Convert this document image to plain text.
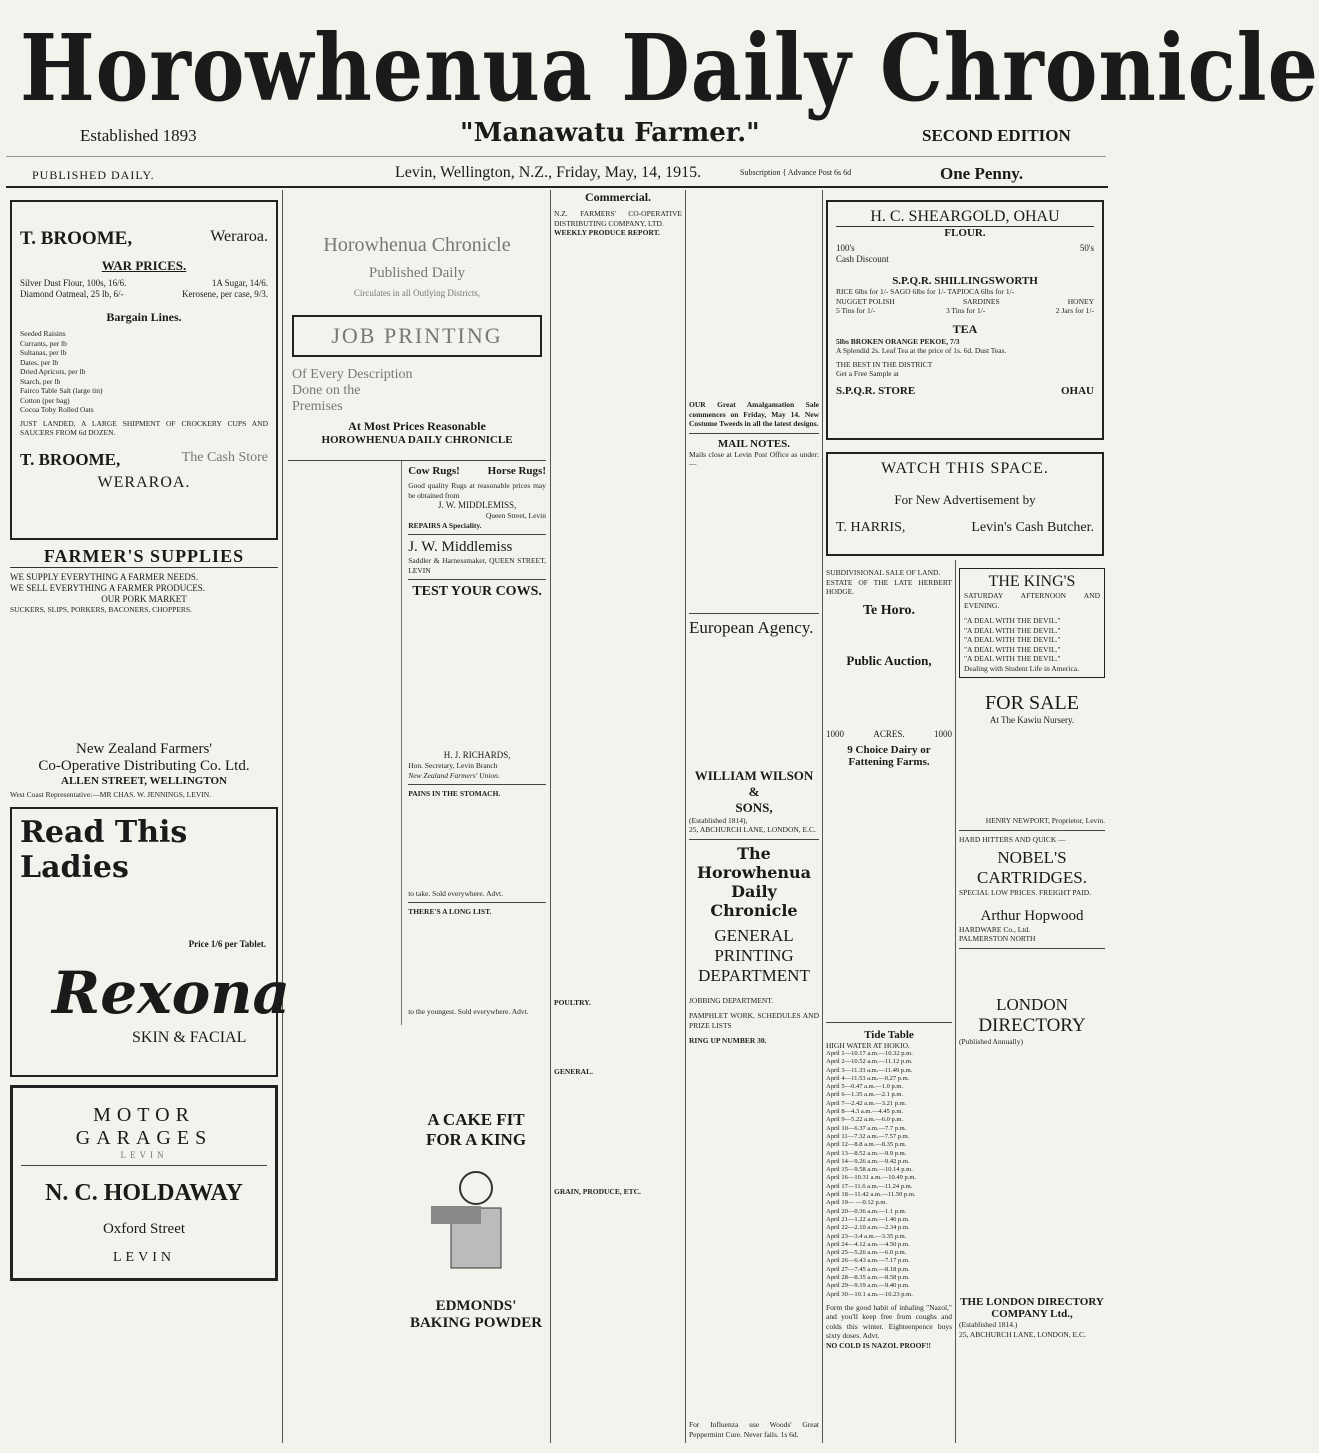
Horowhenua Daily Chronicle
Established 1893	"Manawatu Farmer."	SECOND EDITION
PUBLISHED DAILY.	Levin, Wellington, N.Z., Friday, May, 14, 1915.	Subscription { Advance Post 6s 6d	One Penny.
T. BROOME,	Weraroa.
WAR PRICES.
Silver Dust Flour, 100s, 16/6.	1A Sugar, 14/6.
Diamond Oatmeal, 25 lb, 6/-	Kerosene, per case, 9/3.
Bargain Lines.
Seeded Raisins
Currants, per lb
Sultanas, per lb
Dates, per lb
Dried Apricots, per lb
Starch, per lb
Fairco Table Salt (large tin)
Cotton (per bag)
Cocoa Toby Rolled Oats
JUST LANDED, A LARGE SHIPMENT OF CROCKERY CUPS AND SAUCERS FROM 6d DOZEN.
T. BROOME,	The Cash Store
WERAROA.
FARMER'S SUPPLIES
WE SUPPLY EVERYTHING A FARMER NEEDS.
WE SELL EVERYTHING A FARMER PRODUCES.
OUR PORK MARKET
SUCKERS, SLIPS, PORKERS, BACONERS, CHOPPERS.

New Zealand Farmers'
Co-Operative Distributing Co. Ltd.
ALLEN STREET, WELLINGTON
West Coast Representative:—MR CHAS. W. JENNINGS, LEVIN.
Read This Ladies
Price 1/6 per Tablet.
Rexona
SKIN & FACIAL
MOTOR GARAGES
LEVIN
N. C. HOLDAWAY
Oxford Street
LEVIN
Horowhenua Chronicle
Published Daily
Circulates in all Outlying Districts,
JOB PRINTING
Of Every Description
Done on the
Premises
At Most Prices Reasonable
HOROWHENUA DAILY CHRONICLE

Cow Rugs!	Horse Rugs!
Good quality Rugs at reasonable prices may be obtained from
J. W. MIDDLEMISS,
Queen Street, Levin
REPAIRS A Speciality.
J. W. Middlemiss
Saddler & Harnessmaker, QUEEN STREET, LEVIN
TEST YOUR COWS.

H. J. RICHARDS,
Hon. Secretary, Levin Branch
New Zealand Farmers' Union.
PAINS IN THE STOMACH.

to take. Sold everywhere. Advt.
THERE'S A LONG LIST.

to the youngest. Sold everywhere. Advt.
A CAKE FIT FOR A KING
EDMONDS' BAKING POWDER
Commercial.
N.Z. FARMERS' CO-OPERATIVE DISTRIBUTING COMPANY, LTD.
WEEKLY PRODUCE REPORT.

POULTRY.

GENERAL.

GRAIN, PRODUCE, ETC.

OUR Great Amalgamation Sale commences on Friday, May 14. New Costume Tweeds in all the latest designs.
MAIL NOTES.
Mails close at Levin Post Office as under:—

European Agency.

WILLIAM WILSON &
SONS,
(Established 1814),
25, ABCHURCH LANE, LONDON, E.C.
The Horowhenua Daily Chronicle
GENERAL PRINTING DEPARTMENT
JOBBING DEPARTMENT.
PAMPHLET WORK, SCHEDULES AND PRIZE LISTS
RING UP NUMBER 30.
For Influenza use Woods' Great Peppermint Cure. Never fails. 1s 6d.
H. C. SHEARGOLD, OHAU
FLOUR.
100's	50's
Cash Discount
S.P.Q.R. SHILLINGSWORTH
RICE 6lbs for 1/- SAGO 6lbs for 1/- TAPIOCA 6lbs for 1/-
NUGGET POLISH	SARDINES	HONEY
5 Tins for 1/-	3 Tins for 1/-	2 Jars for 1/-
TEA
5lbs BROKEN ORANGE PEKOE, 7/3
A Splendid 2s. Leaf Tea at the price of 1s. 6d. Dust Teas.
THE BEST IN THE DISTRICT
Get a Free Sample at
S.P.Q.R. STORE	OHAU
WATCH THIS SPACE.
For New Advertisement by
T. HARRIS,	Levin's Cash Butcher.
SUBDIVISIONAL SALE OF LAND.
ESTATE OF THE LATE HERBERT HODGE.
Te Horo.

Public Auction,

1000	ACRES.	1000
9 Choice Dairy or Fattening Farms.

Tide Table
HIGH WATER AT HOKIO.
April 1—10.17 a.m.—10.32 p.m.
April 2—10.52 a.m.—11.12 p.m.
April 3—11.33 a.m.—11.49 p.m.
April 4—11.53 a.m.—0.27 p.m.
April 5—0.47 a.m.—1.0 p.m.
April 6—1.35 a.m.—2.1 p.m.
April 7—2.42 a.m.—3.21 p.m.
April 8—4.3 a.m.—4.45 p.m.
April 9—5.22 a.m.—6.0 p.m.
April 10—6.37 a.m.—7.7 p.m.
April 11—7.32 a.m.—7.57 p.m.
April 12—8.8 a.m.—8.35 p.m.
April 13—8.52 a.m.—9.9 p.m.
April 14—9.26 a.m.—9.42 p.m.
April 15—9.58 a.m.—10.14 p.m.
April 16—10.31 a.m.—10.49 p.m.
April 17—11.6 a.m.—11.24 p.m.
April 18—11.42 a.m.—11.50 p.m.
April 19— —0.12 p.m.
April 20—0.36 a.m.—1.1 p.m.
April 21—1.22 a.m.—1.46 p.m.
April 22—2.10 a.m.—2.34 p.m.
April 23—3.4 a.m.—3.35 p.m.
April 24—4.12 a.m.—4.50 p.m.
April 25—5.26 a.m.—6.0 p.m.
April 26—6.43 a.m.—7.17 p.m.
April 27—7.45 a.m.—8.18 p.m.
April 28—8.35 a.m.—8.58 p.m.
April 29—9.19 a.m.—9.40 p.m.
April 30—10.1 a.m.—10.23 p.m.
Form the good habit of inhaling "Nazol," and you'll keep free from coughs and colds this winter. Eighteenpence buys sixty doses. Advt.
NO COLD IS NAZOL PROOF!!
THE KING'S
SATURDAY AFTERNOON AND EVENING.
"A DEAL WITH THE DEVIL."
"A DEAL WITH THE DEVIL."
"A DEAL WITH THE DEVIL."
"A DEAL WITH THE DEVIL."
"A DEAL WITH THE DEVIL."
Dealing with Student Life in America.
FOR SALE
At The Kawiu Nursery.

HENRY NEWPORT, Proprietor, Levin.
HARD HITTERS AND QUICK —
NOBEL'S CARTRIDGES.
SPECIAL LOW PRICES. FREIGHT PAID.
Arthur Hopwood
HARDWARE Co., Ltd.
PALMERSTON NORTH

LONDON
DIRECTORY
(Published Annually)

THE LONDON DIRECTORY
COMPANY Ltd.,
(Established 1814.)
25, ABCHURCH LANE, LONDON, E.C.
